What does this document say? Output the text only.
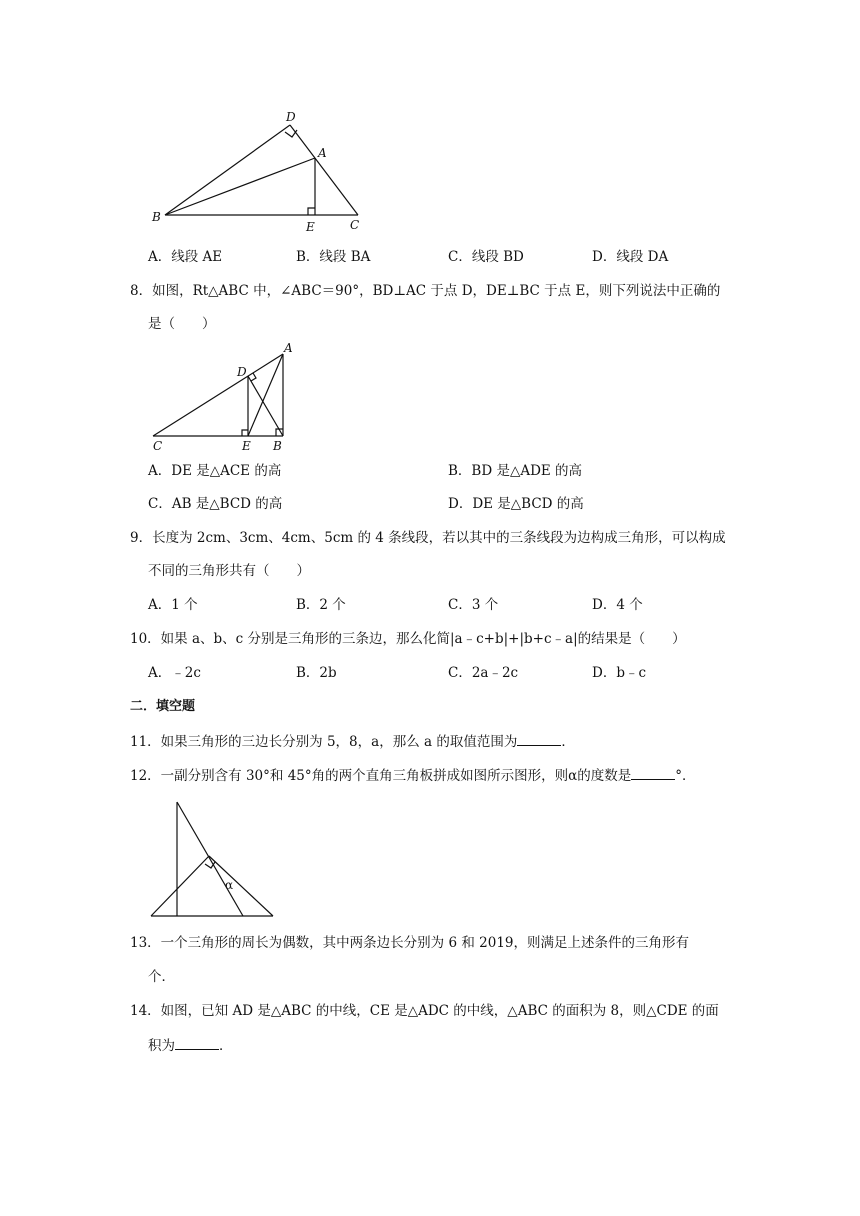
D
A
B
E	C
A．线段 AE	B．线段 BA	C．线段 BD	D．线段 DA
8．如图，Rt△ABC 中，∠ABC＝90°，BD⊥AC 于点 D，DE⊥BC 于点 E，则下列说法中正确的
是（　　）
A
D
C	E B
A．DE 是△ACE 的高	B．BD 是△ADE 的高
C．AB 是△BCD 的高	D．DE 是△BCD 的高
9．长度为 2cm、3cm、4cm、5cm 的 4 条线段，若以其中的三条线段为边构成三角形，可以构成
不同的三角形共有（　　）
A．1 个	B．2 个	C．3 个	D．4 个
10．如果 a、b、c 分别是三角形的三条边，那么化简|a﹣c+b|+|b+c﹣a|的结果是（　　）
A．﹣2c	B．2b	C．2a﹣2c	D．b﹣c
二．填空题
11．如果三角形的三边长分别为 5，8，a，那么 a 的取值范围为	．
12．一副分别含有 30°和 45°角的两个直角三角板拼成如图所示图形，则α的度数是	°．
α
13．一个三角形的周长为偶数，其中两条边长分别为 6 和 2019，则满足上述条件的三角形有
个．
14．如图，已知 AD 是△ABC 的中线，CE 是△ADC 的中线，△ABC 的面积为 8，则△CDE 的面
积为	．
